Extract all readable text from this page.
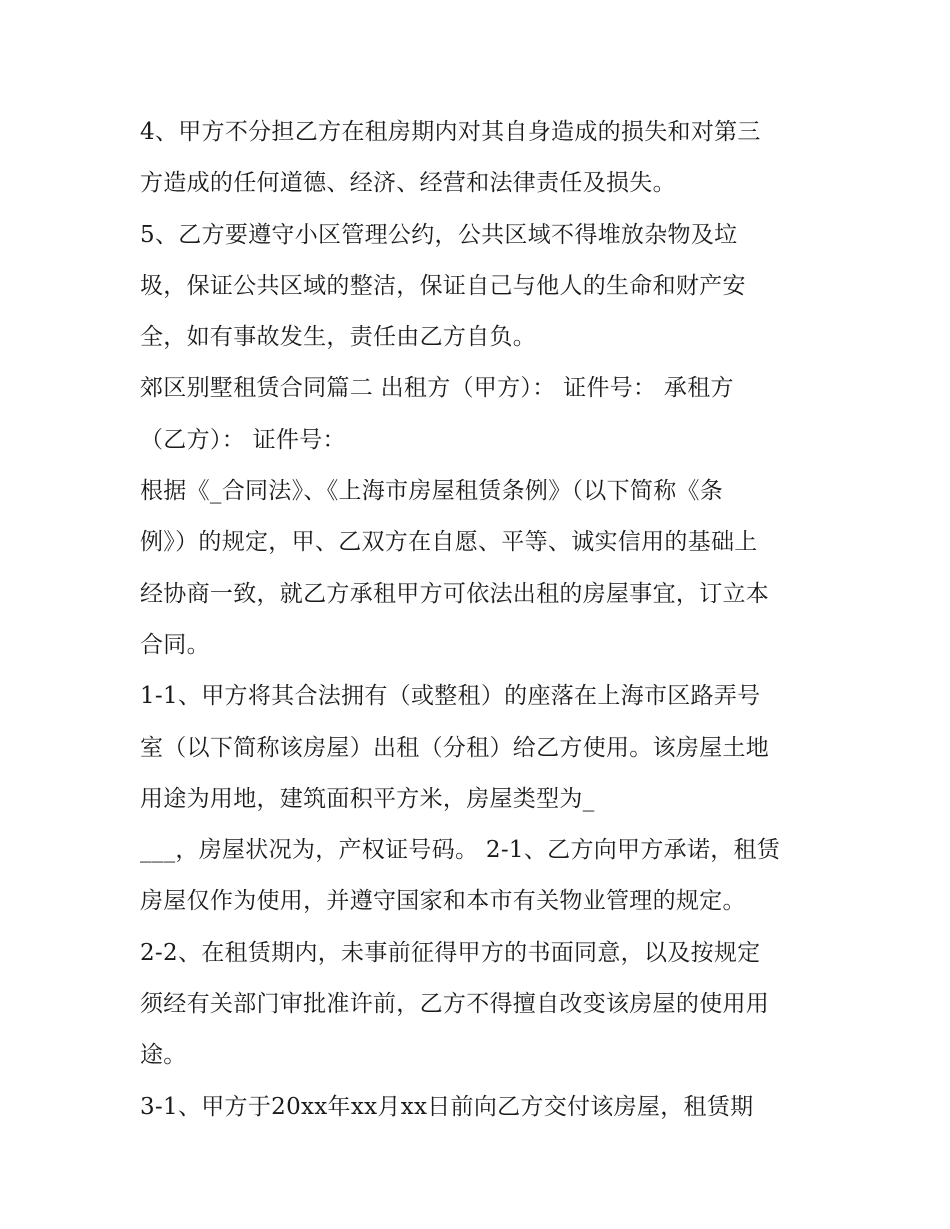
4、甲方不分担乙方在租房期内对其自身造成的损失和对第三
方造成的任何道德、经济、经营和法律责任及损失。
5、乙方要遵守小区管理公约，公共区域不得堆放杂物及垃
圾，保证公共区域的整洁，保证自己与他人的生命和财产安
全，如有事故发生，责任由乙方自负。
郊区别墅租赁合同篇二 出租方（甲方）： 证件号： 承租方
（乙方）： 证件号：
根据《_合同法》、《上海市房屋租赁条例》（以下简称《条
例》）的规定，甲、乙双方在自愿、平等、诚实信用的基础上
经协商一致，就乙方承租甲方可依法出租的房屋事宜，订立本
合同。
1-1、甲方将其合法拥有（或整租）的座落在上海市区路弄号
室（以下简称该房屋）出租（分租）给乙方使用。该房屋土地
用途为用地，建筑面积平方米，房屋类型为_
___，房屋状况为，产权证号码。 2-1、乙方向甲方承诺，租赁
房屋仅作为使用，并遵守国家和本市有关物业管理的规定。
2-2、在租赁期内，未事前征得甲方的书面同意，以及按规定
须经有关部门审批准许前，乙方不得擅自改变该房屋的使用用
途。
3-1、甲方于20xx年xx月xx日前向乙方交付该房屋，租赁期
